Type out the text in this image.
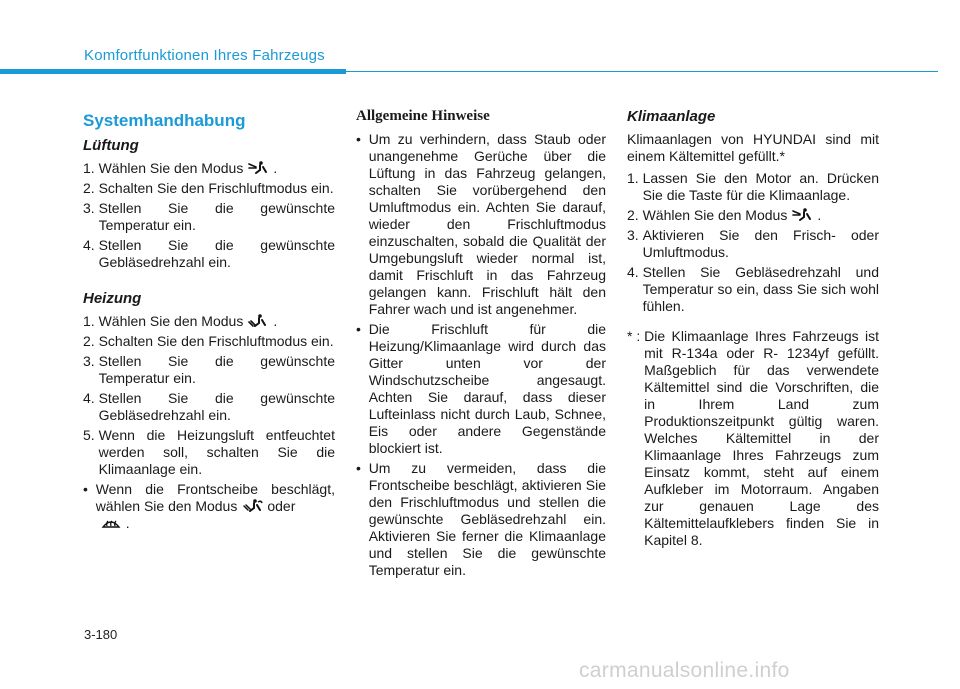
Komfortfunktionen Ihres Fahrzeugs
Systemhandhabung
Lüftung
1. Wählen Sie den Modus .
2. Schalten Sie den Frischluftmodus ein.
3. Stellen Sie die gewünschte Temperatur ein.
4. Stellen Sie die gewünschte Gebläsedrehzahl ein.
Heizung
1. Wählen Sie den Modus .
2. Schalten Sie den Frischluftmodus ein.
3. Stellen Sie die gewünschte Temperatur ein.
4. Stellen Sie die gewünschte Gebläsedrehzahl ein.
5. Wenn die Heizungsluft entfeuchtet werden soll, schalten Sie die Klimaanlage ein.
• Wenn die Frontscheibe beschlägt, wählen Sie den Modus oder

.
Allgemeine Hinweise
• Um zu verhindern, dass Staub oder unangenehme Gerüche über die Lüftung in das Fahrzeug gelangen, schalten Sie vorübergehend den Umluftmodus ein. Achten Sie darauf, wieder den Frischluftmodus einzuschalten, sobald die Qualität der Umgebungsluft wieder normal ist, damit Frischluft in das Fahrzeug gelangen kann. Frischluft hält den Fahrer wach und ist angenehmer.
• Die Frischluft für die Heizung/Klimaanlage wird durch das Gitter unten vor der Windschutzscheibe angesaugt. Achten Sie darauf, dass dieser Lufteinlass nicht durch Laub, Schnee, Eis oder andere Gegenstände blockiert ist.
• Um zu vermeiden, dass die Frontscheibe beschlägt, aktivieren Sie den Frischluftmodus und stellen die gewünschte Gebläsedrehzahl ein. Aktivieren Sie ferner die Klimaanlage und stellen Sie die gewünschte Temperatur ein.
Klimaanlage
Klimaanlagen von HYUNDAI sind mit einem Kältemittel gefüllt.*
1. Lassen Sie den Motor an. Drücken Sie die Taste für die Klimaanlage.
2. Wählen Sie den Modus .
3. Aktivieren Sie den Frisch- oder Umluftmodus.
4. Stellen Sie Gebläsedrehzahl und Temperatur so ein, dass Sie sich wohl fühlen.
* : Die Klimaanlage Ihres Fahrzeugs ist mit R-134a oder R- 1234yf gefüllt. Maßgeblich für das verwendete Kältemittel sind die Vorschriften, die in Ihrem Land zum Produktionszeitpunkt gültig waren. Welches Kältemittel in der Klimaanlage Ihres Fahrzeugs zum Einsatz kommt, steht auf einem Aufkleber im Motorraum. Angaben zur genauen Lage des Kältemittelaufklebers finden Sie in Kapitel 8.
3-180
carmanualsonline.info
